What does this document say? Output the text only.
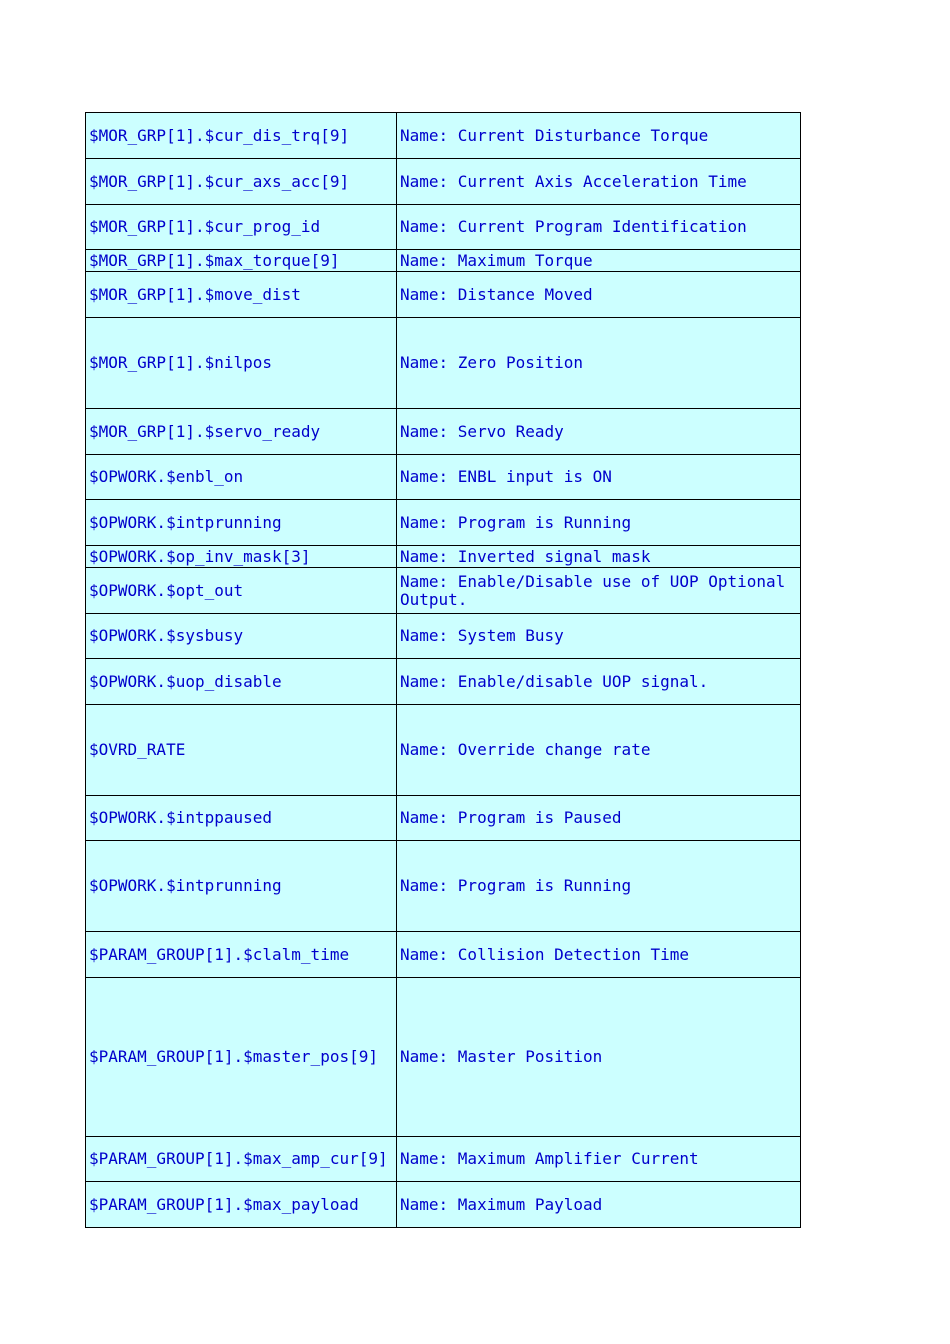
$MOR_GRP[1].$cur_dis_trq[9]	Name: Current Disturbance Torque
$MOR_GRP[1].$cur_axs_acc[9]	Name: Current Axis Acceleration Time
$MOR_GRP[1].$cur_prog_id	Name: Current Program Identification
$MOR_GRP[1].$max_torque[9]	Name: Maximum Torque
$MOR_GRP[1].$move_dist	Name: Distance Moved
$MOR_GRP[1].$nilpos	Name: Zero Position
$MOR_GRP[1].$servo_ready	Name: Servo Ready
$OPWORK.$enbl_on	Name: ENBL input is ON
$OPWORK.$intprunning	Name: Program is Running
$OPWORK.$op_inv_mask[3]	Name: Inverted signal mask
$OPWORK.$opt_out	Name: Enable/Disable use of UOP Optional Output.
$OPWORK.$sysbusy	Name: System Busy
$OPWORK.$uop_disable	Name: Enable/disable UOP signal.
$OVRD_RATE	Name: Override change rate
$OPWORK.$intppaused	Name: Program is Paused
$OPWORK.$intprunning	Name: Program is Running
$PARAM_GROUP[1].$clalm_time	Name: Collision Detection Time
$PARAM_GROUP[1].$master_pos[9]	Name: Master Position
$PARAM_GROUP[1].$max_amp_cur[9]	Name: Maximum Amplifier Current
$PARAM_GROUP[1].$max_payload	Name: Maximum Payload
